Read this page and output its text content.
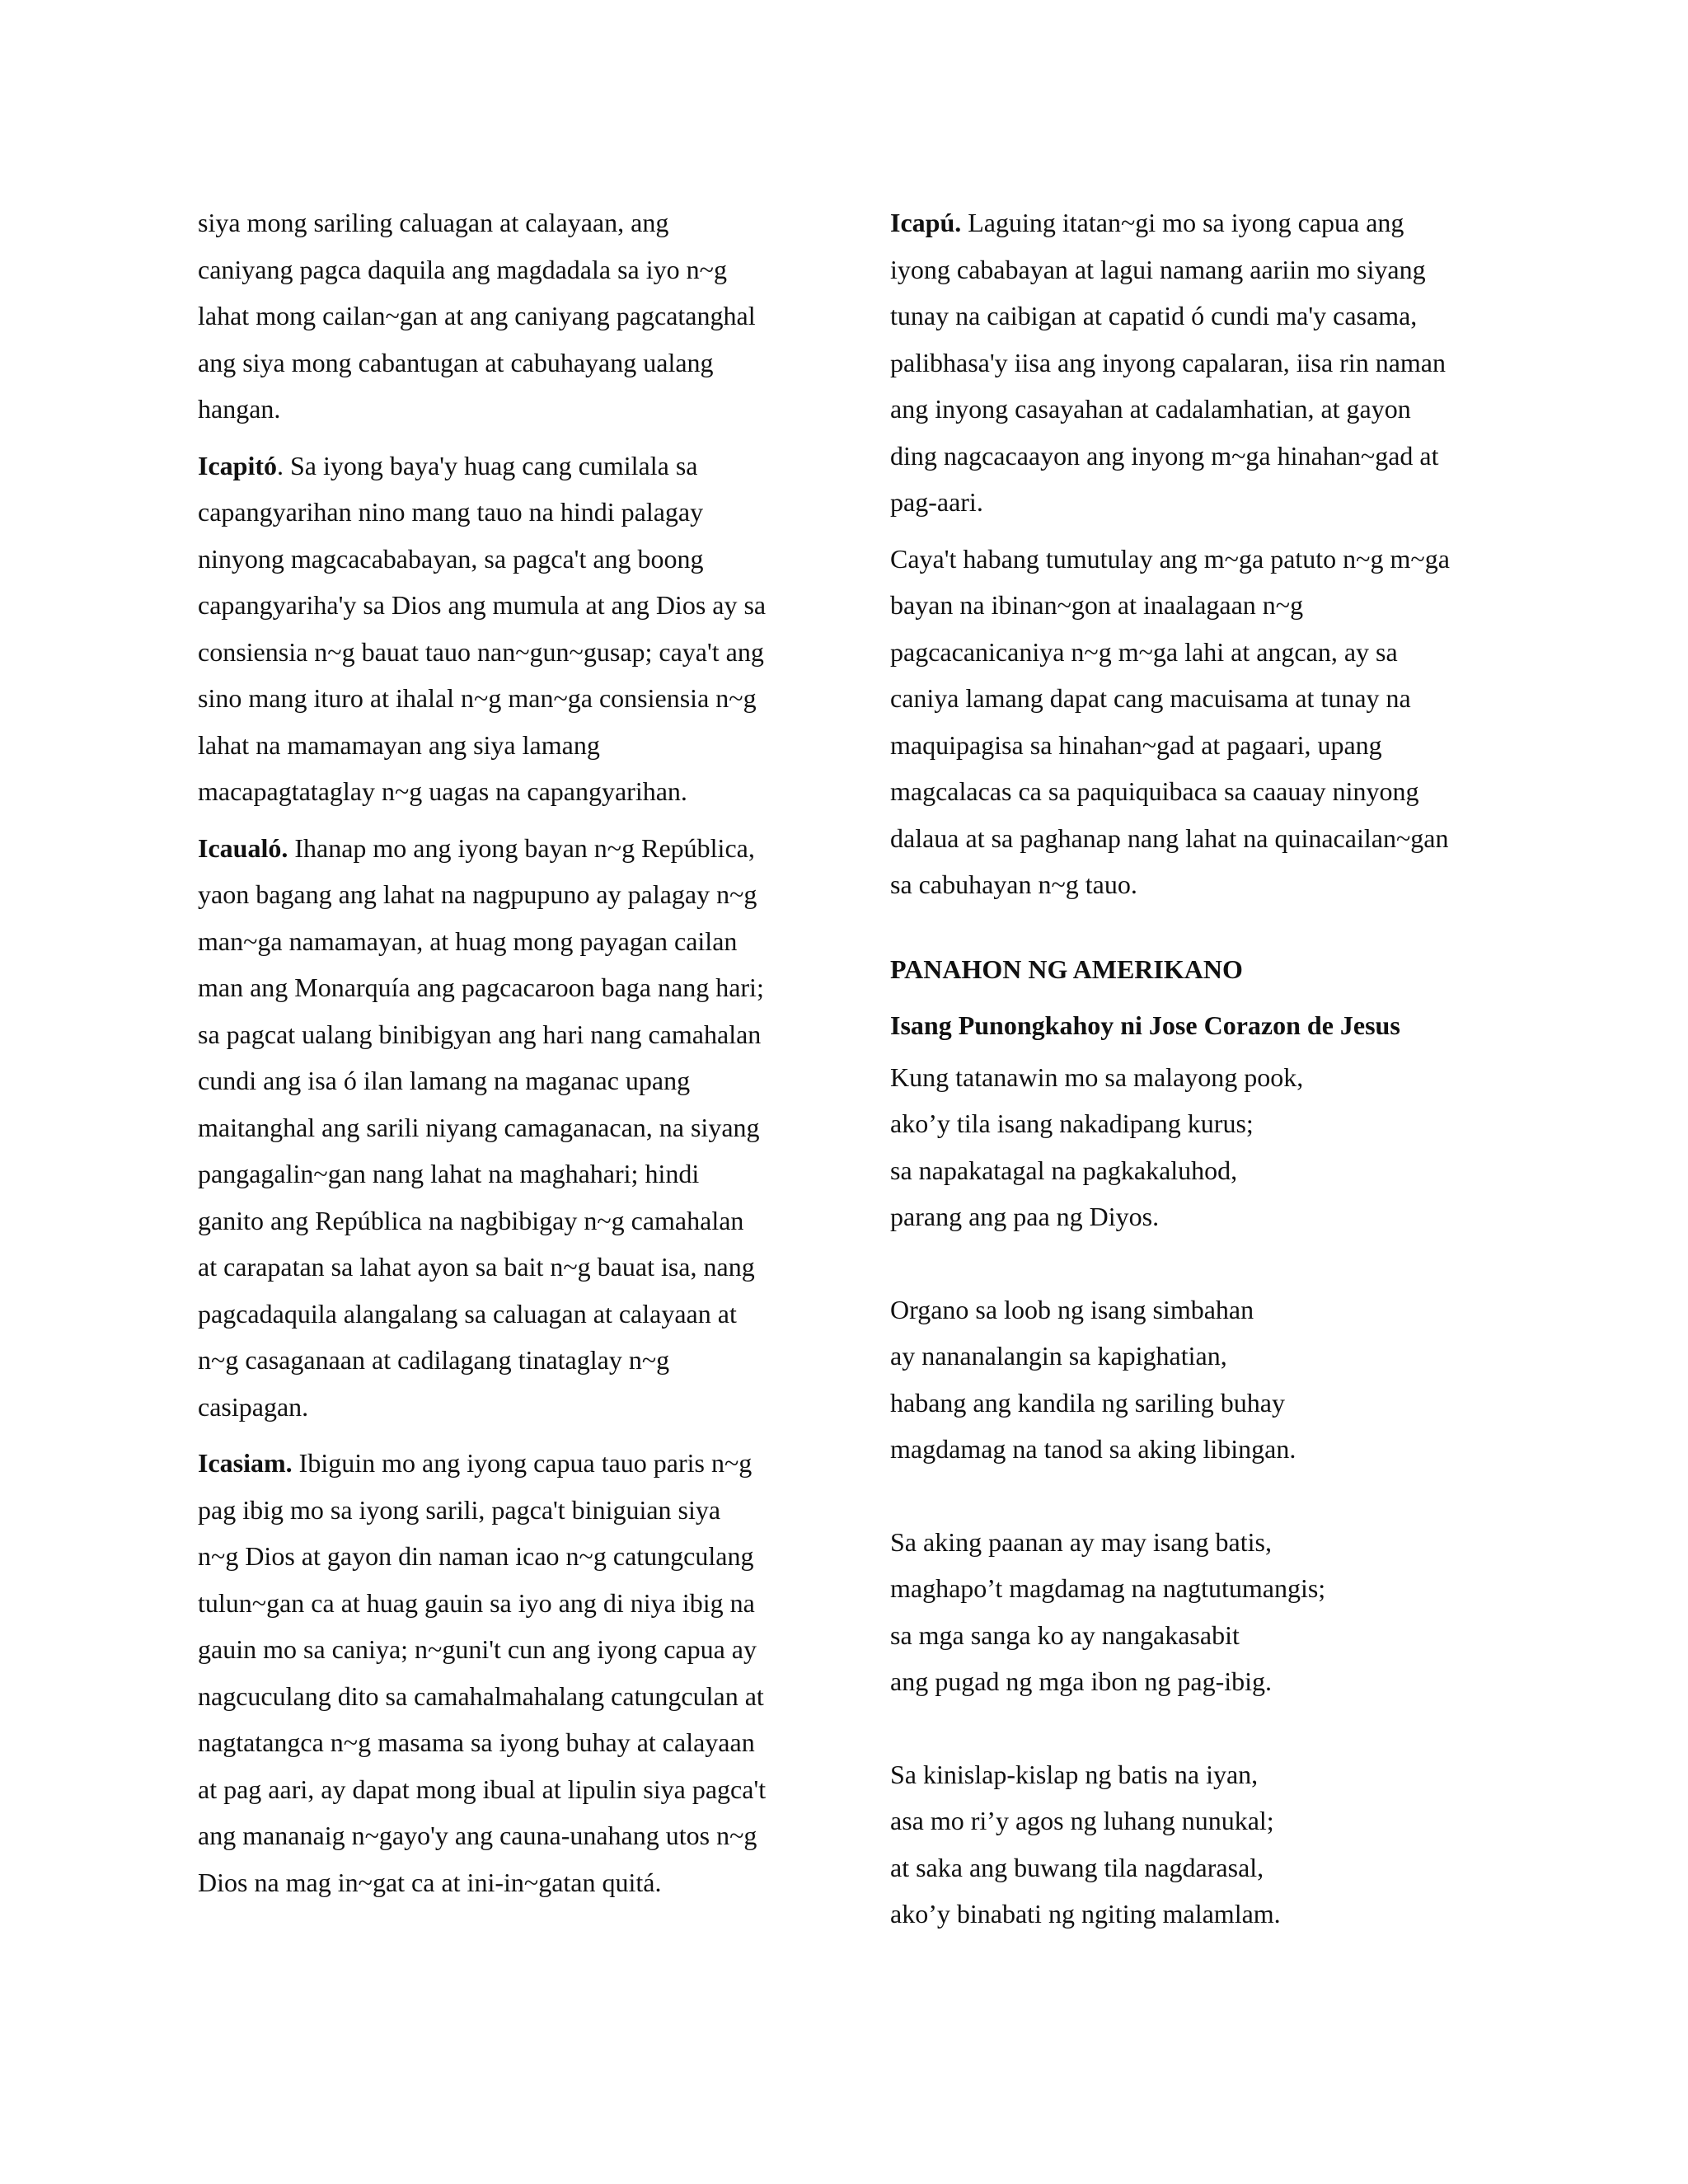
siya mong sariling caluagan at calayaan, ang
caniyang pagca daquila ang magdadala sa iyo n~g
lahat mong cailan~gan at ang caniyang pagcatanghal
ang siya mong cabantugan at cabuhayang ualang
hangan.

Icapitó. Sa iyong baya'y huag cang cumilala sa
capangyarihan nino mang tauo na hindi palagay
ninyong magcacababayan, sa pagca't ang boong
capangyariha'y sa Dios ang mumula at ang Dios ay sa
consiensia n~g bauat tauo nan~gun~gusap; caya't ang
sino mang ituro at ihalal n~g man~ga consiensia n~g
lahat na mamamayan ang siya lamang
macapagtataglay n~g uagas na capangyarihan.

Icaualó. Ihanap mo ang iyong bayan n~g República,
yaon bagang ang lahat na nagpupuno ay palagay n~g
man~ga namamayan, at huag mong payagan cailan
man ang Monarquía ang pagcacaroon baga nang hari;
sa pagcat ualang binibigyan ang hari nang camahalan
cundi ang isa ó ilan lamang na maganac upang
maitanghal ang sarili niyang camaganacan, na siyang
pangagalin~gan nang lahat na maghahari; hindi
ganito ang República na nagbibigay n~g camahalan
at carapatan sa lahat ayon sa bait n~g bauat isa, nang
pagcadaquila alangalang sa caluagan at calayaan at
n~g casaganaan at cadilagang tinataglay n~g
casipagan.

Icasiam. Ibiguin mo ang iyong capua tauo paris n~g
pag ibig mo sa iyong sarili, pagca't biniguian siya
n~g Dios at gayon din naman icao n~g catungculang
tulun~gan ca at huag gauin sa iyo ang di niya ibig na
gauin mo sa caniya; n~guni't cun ang iyong capua ay
nagcuculang dito sa camahalmahalang catungculan at
nagtatangca n~g masama sa iyong buhay at calayaan
at pag aari, ay dapat mong ibual at lipulin siya pagca't
ang mananaig n~gayo'y ang cauna-unahang utos n~g
Dios na mag in~gat ca at ini-in~gatan quitá.

Icapú. Laguing itatan~gi mo sa iyong capua ang
iyong cababayan at lagui namang aariin mo siyang
tunay na caibigan at capatid ó cundi ma'y casama,
palibhasa'y iisa ang inyong capalaran, iisa rin naman
ang inyong casayahan at cadalamhatian, at gayon
ding nagcacaayon ang inyong m~ga hinahan~gad at
pag-aari.

Caya't habang tumutulay ang m~ga patuto n~g m~ga
bayan na ibinan~gon at inaalagaan n~g
pagcacanicaniya n~g m~ga lahi at angcan, ay sa
caniya lamang dapat cang macuisama at tunay na
maquipagisa sa hinahan~gad at pagaari, upang
magcalacas ca sa paquiquibaca sa caauay ninyong
dalaua at sa paghanap nang lahat na quinacailan~gan
sa cabuhayan n~g tauo.

PANAHON NG AMERIKANO
Isang Punongkahoy ni Jose Corazon de Jesus
Kung tatanawin mo sa malayong pook,
ako’y tila isang nakadipang kurus;
sa napakatagal na pagkakaluhod,
parang ang paa ng Diyos.
Organo sa loob ng isang simbahan
ay nananalangin sa kapighatian,
habang ang kandila ng sariling buhay
magdamag na tanod sa aking libingan.
Sa aking paanan ay may isang batis,
maghapo’t magdamag na nagtutumangis;
sa mga sanga ko ay nangakasabit
ang pugad ng mga ibon ng pag-ibig.
Sa kinislap-kislap ng batis na iyan,
asa mo ri’y agos ng luhang nunukal;
at saka ang buwang tila nagdarasal,
ako’y binabati ng ngiting malamlam.
